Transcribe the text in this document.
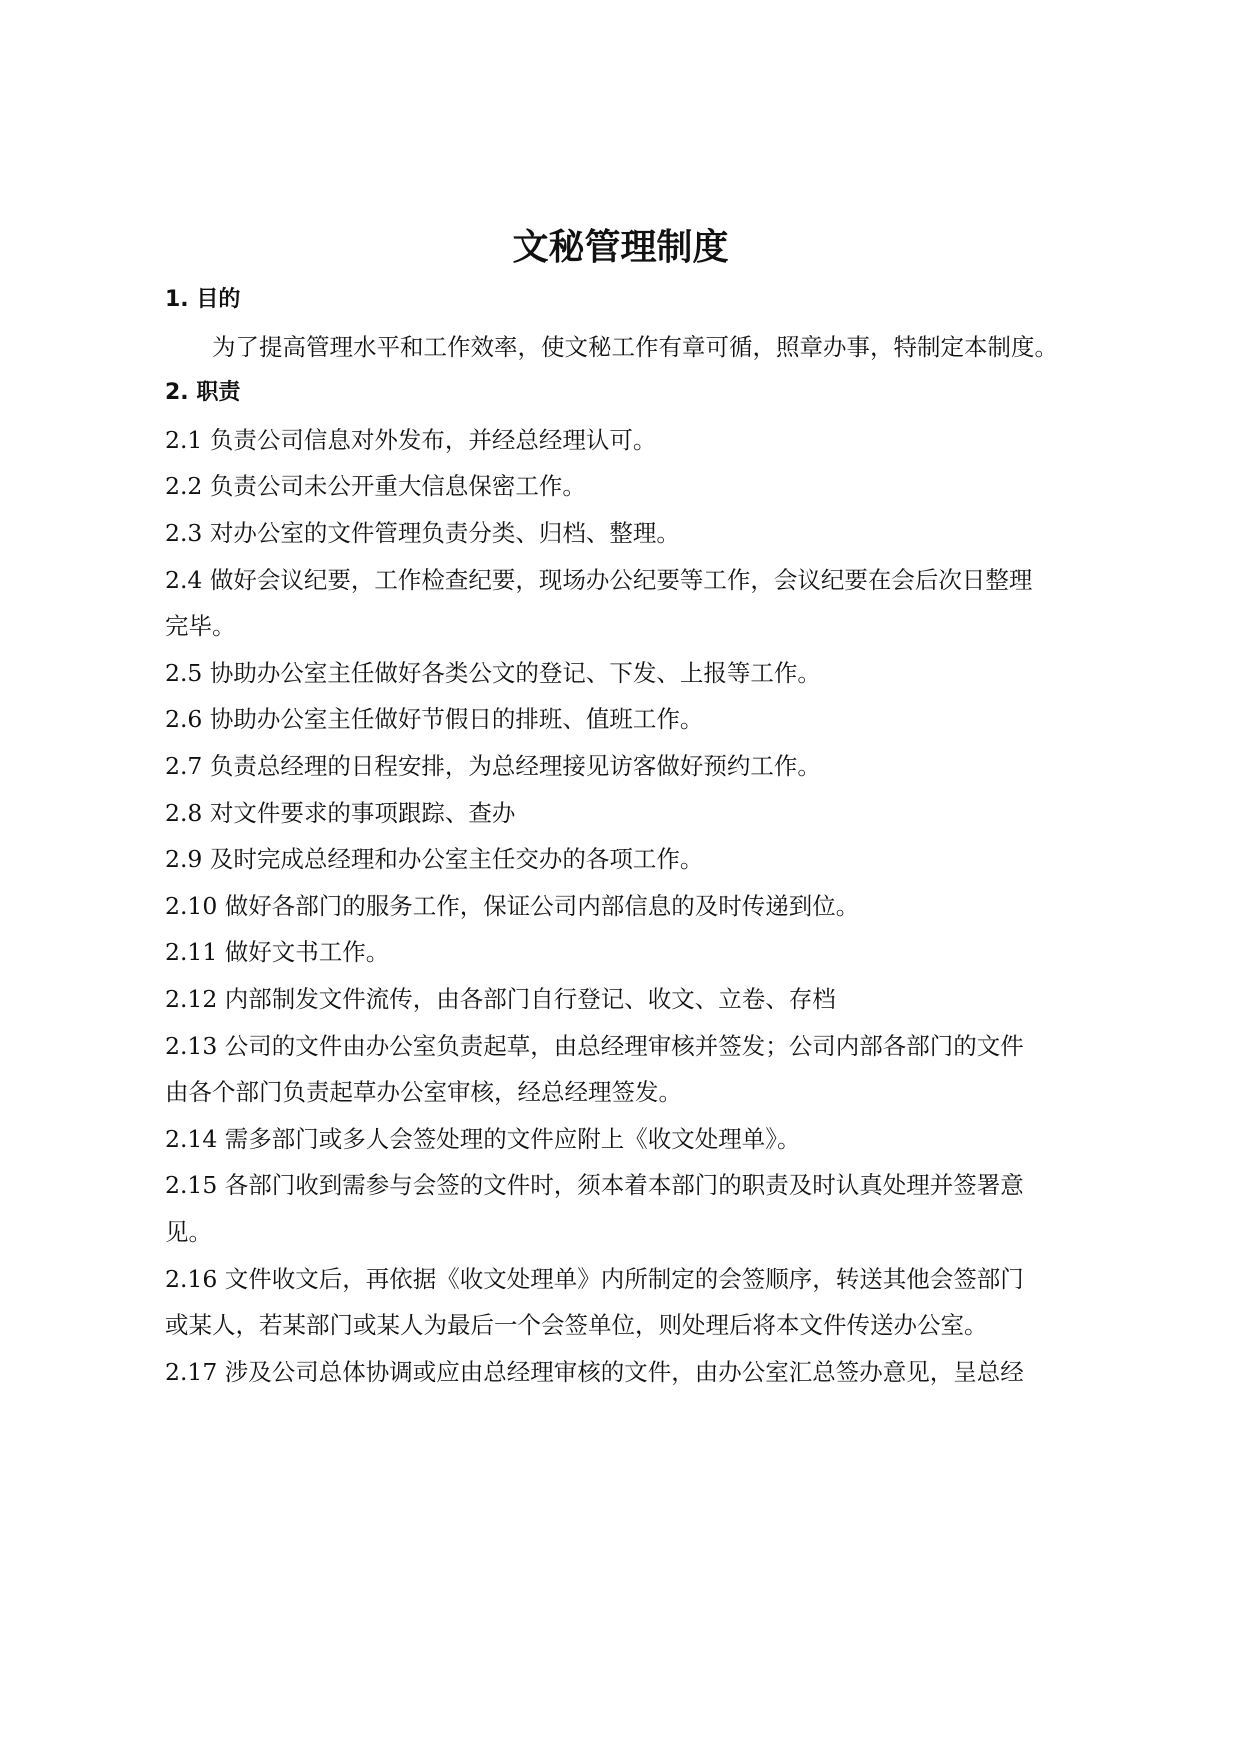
文秘管理制度

1. 目的

为了提高管理水平和工作效率，使文秘工作有章可循，照章办事，特制定本制度。

2. 职责

2.1 负责公司信息对外发布，并经总经理认可。

2.2 负责公司未公开重大信息保密工作。

2.3 对办公室的文件管理负责分类、归档、整理。

2.4 做好会议纪要，工作检查纪要，现场办公纪要等工作，会议纪要在会后次日整理

完毕。

2.5 协助办公室主任做好各类公文的登记、下发、上报等工作。

2.6 协助办公室主任做好节假日的排班、值班工作。

2.7 负责总经理的日程安排，为总经理接见访客做好预约工作。

2.8 对文件要求的事项跟踪、查办

2.9 及时完成总经理和办公室主任交办的各项工作。

2.10 做好各部门的服务工作，保证公司内部信息的及时传递到位。

2.11 做好文书工作。

2.12 内部制发文件流传，由各部门自行登记、收文、立卷、存档

2.13 公司的文件由办公室负责起草，由总经理审核并签发；公司内部各部门的文件

由各个部门负责起草办公室审核，经总经理签发。

2.14 需多部门或多人会签处理的文件应附上《收文处理单》。

2.15 各部门收到需参与会签的文件时，须本着本部门的职责及时认真处理并签署意

见。

2.16 文件收文后，再依据《收文处理单》内所制定的会签顺序，转送其他会签部门

或某人，若某部门或某人为最后一个会签单位，则处理后将本文件传送办公室。

2.17 涉及公司总体协调或应由总经理审核的文件，由办公室汇总签办意见，呈总经
